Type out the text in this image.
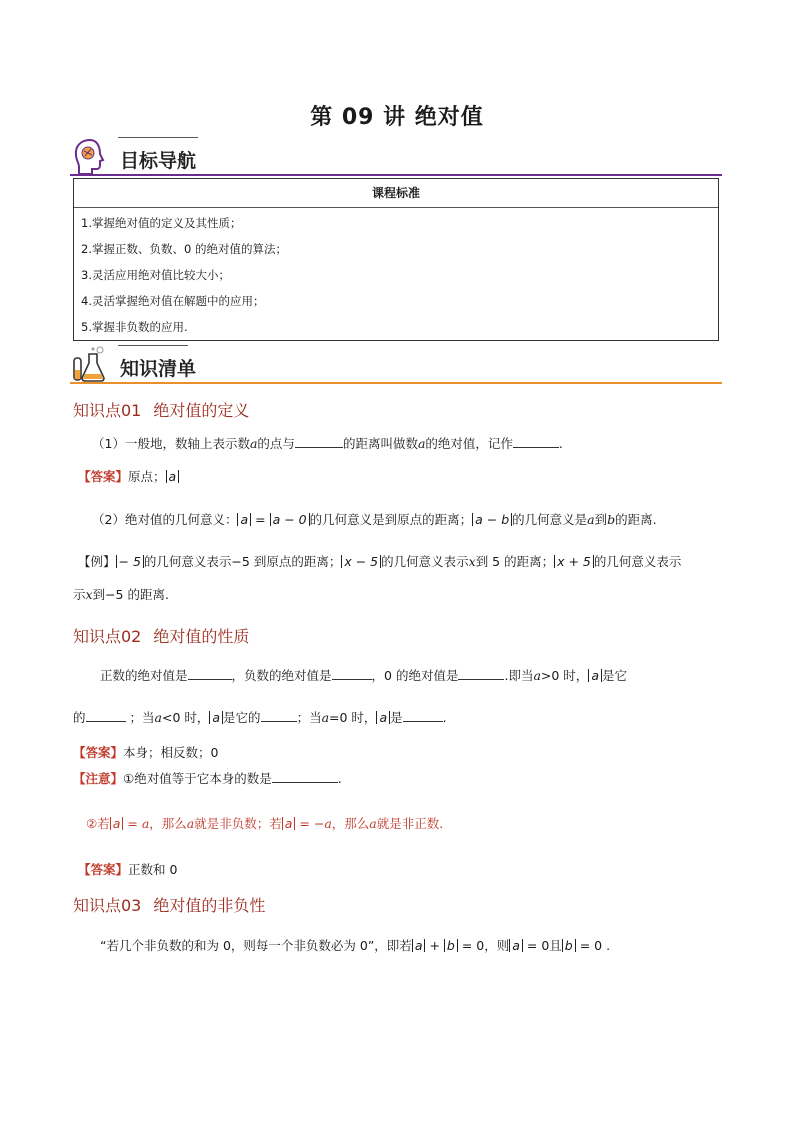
第 09 讲 绝对值
目标导航
课程标准
1.掌握绝对值的定义及其性质；
2.掌握正数、负数、0 的绝对值的算法；
3.灵活应用绝对值比较大小；
4.灵活掌握绝对值在解题中的应用；
5.掌握非负数的应用.
知识清单
知识点01 绝对值的定义
（1）一般地，数轴上表示数a的点与	的距离叫做数a的绝对值，记作	.
【答案】原点； a
（2）绝对值的几何意义： a = a − 0 的几何意义是到原点的距离； a − b 的几何意义是a到b的距离.
【例】 − 5 的几何意义表示−5 到原点的距离； x − 5 的几何意义表示x到 5 的距离； x + 5 的几何意义表示
示x到−5 的距离.
知识点02 绝对值的性质
正数的绝对值是	，负数的绝对值是	，0 的绝对值是	.即当a>0 时， a 是它
的	；当a<0 时， a 是它的	；当a=0 时， a 是	.
【答案】本身；相反数；0
【注意】①绝对值等于它本身的数是	.
②若 a = a，那么a就是非负数；若 a = −a，那么a就是非正数.
【答案】正数和 0
知识点03 绝对值的非负性
“若几个非负数的和为 0，则每一个非负数必为 0”，即若 a + b = 0，则 a = 0且 b = 0 .
